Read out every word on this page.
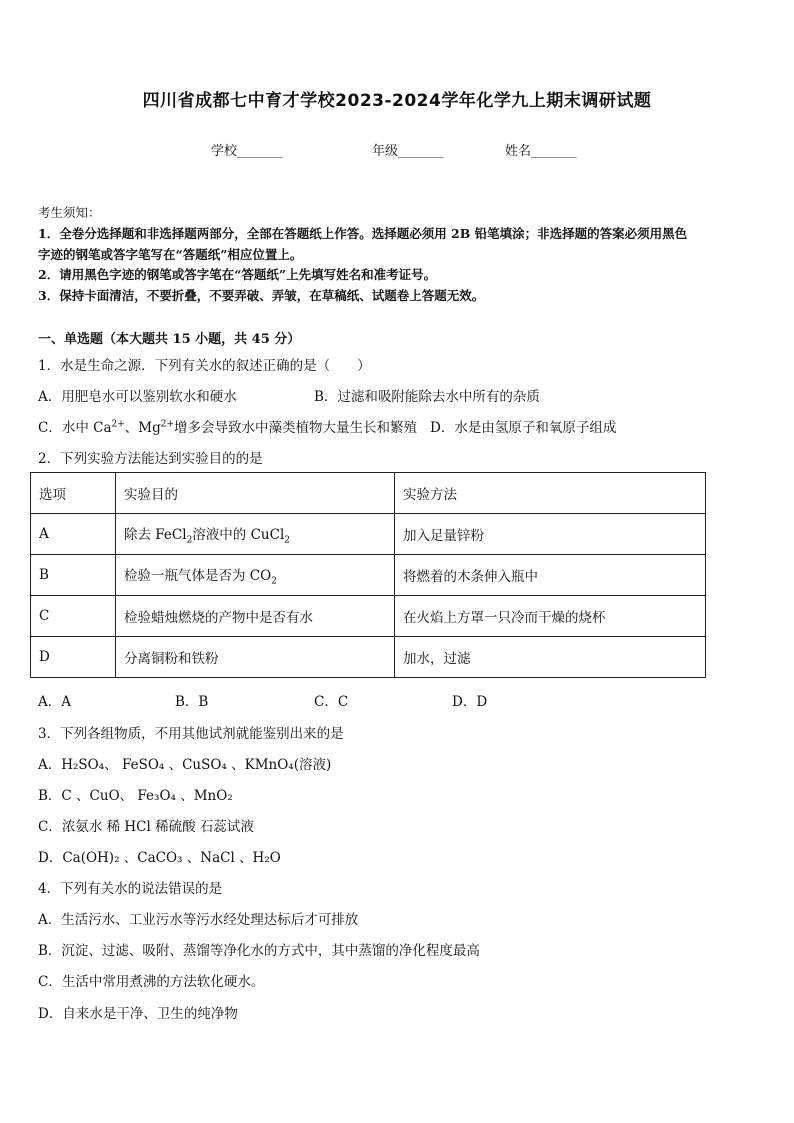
四川省成都七中育才学校2023-2024学年化学九上期末调研试题
学校_______	年级_______	姓名_______
考生须知：
1．全卷分选择题和非选择题两部分，全部在答题纸上作答。选择题必须用 2B 铅笔填涂；非选择题的答案必须用黑色
字迹的钢笔或答字笔写在“答题纸”相应位置上。
2．请用黑色字迹的钢笔或答字笔在“答题纸”上先填写姓名和准考证号。
3．保持卡面清洁，不要折叠，不要弄破、弄皱，在草稿纸、试题卷上答题无效。
一、单选题（本大题共 15 小题，共 45 分）
1．水是生命之源．下列有关水的叙述正确的是（　　）
A．用肥皂水可以鉴别软水和硬水	B．过滤和吸附能除去水中所有的杂质
C．水中 $Ca^{2+}$、$Mg^{2+}$增多会导致水中藻类植物大量生长和繁殖 D．水是由氢原子和氧原子组成
2．下列实验方法能达到实验目的的是
选项	实验目的	实验方法
A	除去 FeCl$_2$溶液中的 CuCl$_2$	加入足量锌粉
B	检验一瓶气体是否为 $CO_2$	将燃着的木条伸入瓶中
C	检验蜡烛燃烧的产物中是否有水	在火焰上方罩一只冷而干燥的烧杯
D	分离铜粉和铁粉	加水，过滤
A．A	B．B	C．C	D．D
3．下列各组物质，不用其他试剂就能鉴别出来的是
A．H₂SO₄、 FeSO₄ 、CuSO₄ 、KMnO₄(溶液)
B．C 、CuO、 Fe₃O₄ 、MnO₂
C．浓氨水 稀 HCl 稀硫酸 石蕊试液
D．Ca(OH)₂ 、CaCO₃ 、NaCl 、H₂O
4．下列有关水的说法错误的是
A．生活污水、工业污水等污水经处理达标后才可排放
B．沉淀、过滤、吸附、蒸馏等净化水的方式中，其中蒸馏的净化程度最高
C．生活中常用煮沸的方法软化硬水。
D．自来水是干净、卫生的纯净物
